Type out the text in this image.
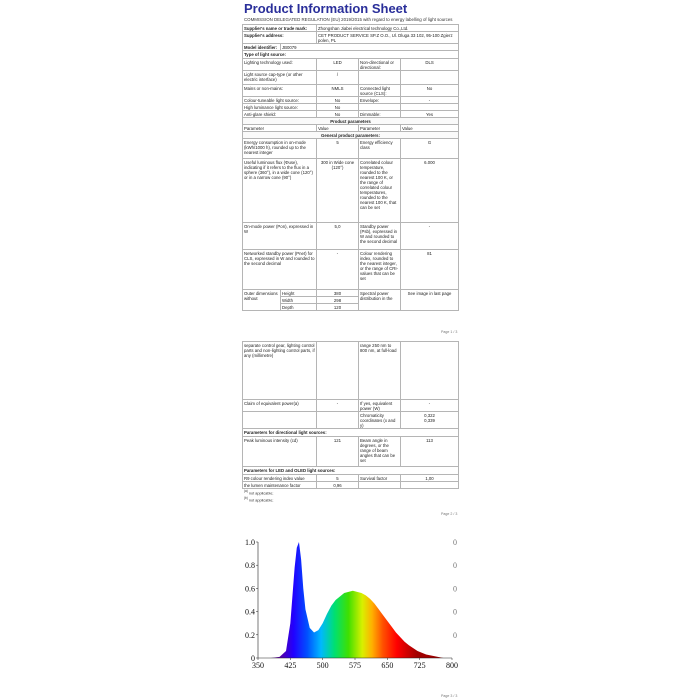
Product Information Sheet
COMMISSION DELEGATED REGULATION (EU) 2019/2015 with regard to energy labelling of light sources
Supplier's name or trade mark:		Zhongshan Jiabei electrical technology Co.,Ltd.		
Supplier's address:		CET PRODUCT SERVICE SP.Z O.O., Ul. Dluga 33 102, 95-100 Zgierz polen, PL		
Model identifier:	JB0079			
Type of light source:				
Lighting technology used:		LED	Non-directional or directional:	DLS
Light source cap-type (or other electric interface)		/		
Mains or non-mains:		NMLS	Connected light source (CLS):	No
Colour-tuneable light source:		No	Envelope:	-
High luminance light source:		No		
Anti-glare shield:		No	Dimmable:	Yes
Product parameters				
Parameter		Value	Parameter	Value
General product parameters:				
Energy consumption in on-mode (kWh/1000 h), rounded up to the nearest integer		5	Energy efficiency class	G
Useful luminous flux (Φuse), indicating if it refers to the flux in a sphere (360°), in a wide cone (120°) or in a narrow cone (90°)		300 in Wide cone (120°)	Correlated colour temperature, rounded to the nearest 100 K, or the range of correlated colour temperatures, rounded to the nearest 100 K, that can be set	6.000
On-mode power (Pon), expressed in W		5,0	Standby power (Psb), expressed in W and rounded to the second decimal	-
Networked standby power (Pnet) for CLS, expressed in W and rounded to the second decimal		-	Colour rendering index, rounded to the nearest integer, or the range of CRI-values that can be set	81
Outer dimensions without	Height	380	Spectral power distribution in the	See image in last page
	Width	298		
	Depth	120		
Page 1 / 3
separate control gear, lighting control parts and non-lighting control parts, if any (millimetre)		range 250 nm to 800 nm, at full-load	
Claim of equivalent power(a)	-	If yes, equivalent power (W)	-
		Chromaticity coordinates (x and y)	0,322
0,339
Parameters for directional light sources:			
Peak luminous intensity (cd)	121	Beam angle in degrees, or the range of beam angles that can be set	113
Parameters for LED and OLED light sources:			
R9 colour rendering index value	5	Survival factor	1,00
the lumen maintenance factor	0,96		
$^{(a)}$ not applicable;
$^{(b)}$ not applicable;
Page 2 / 3
350	425	500	575	650	725	800
0
0.2
0.4
0.6
0.8
1.0
0
0
0
0
0
Page 3 / 3
